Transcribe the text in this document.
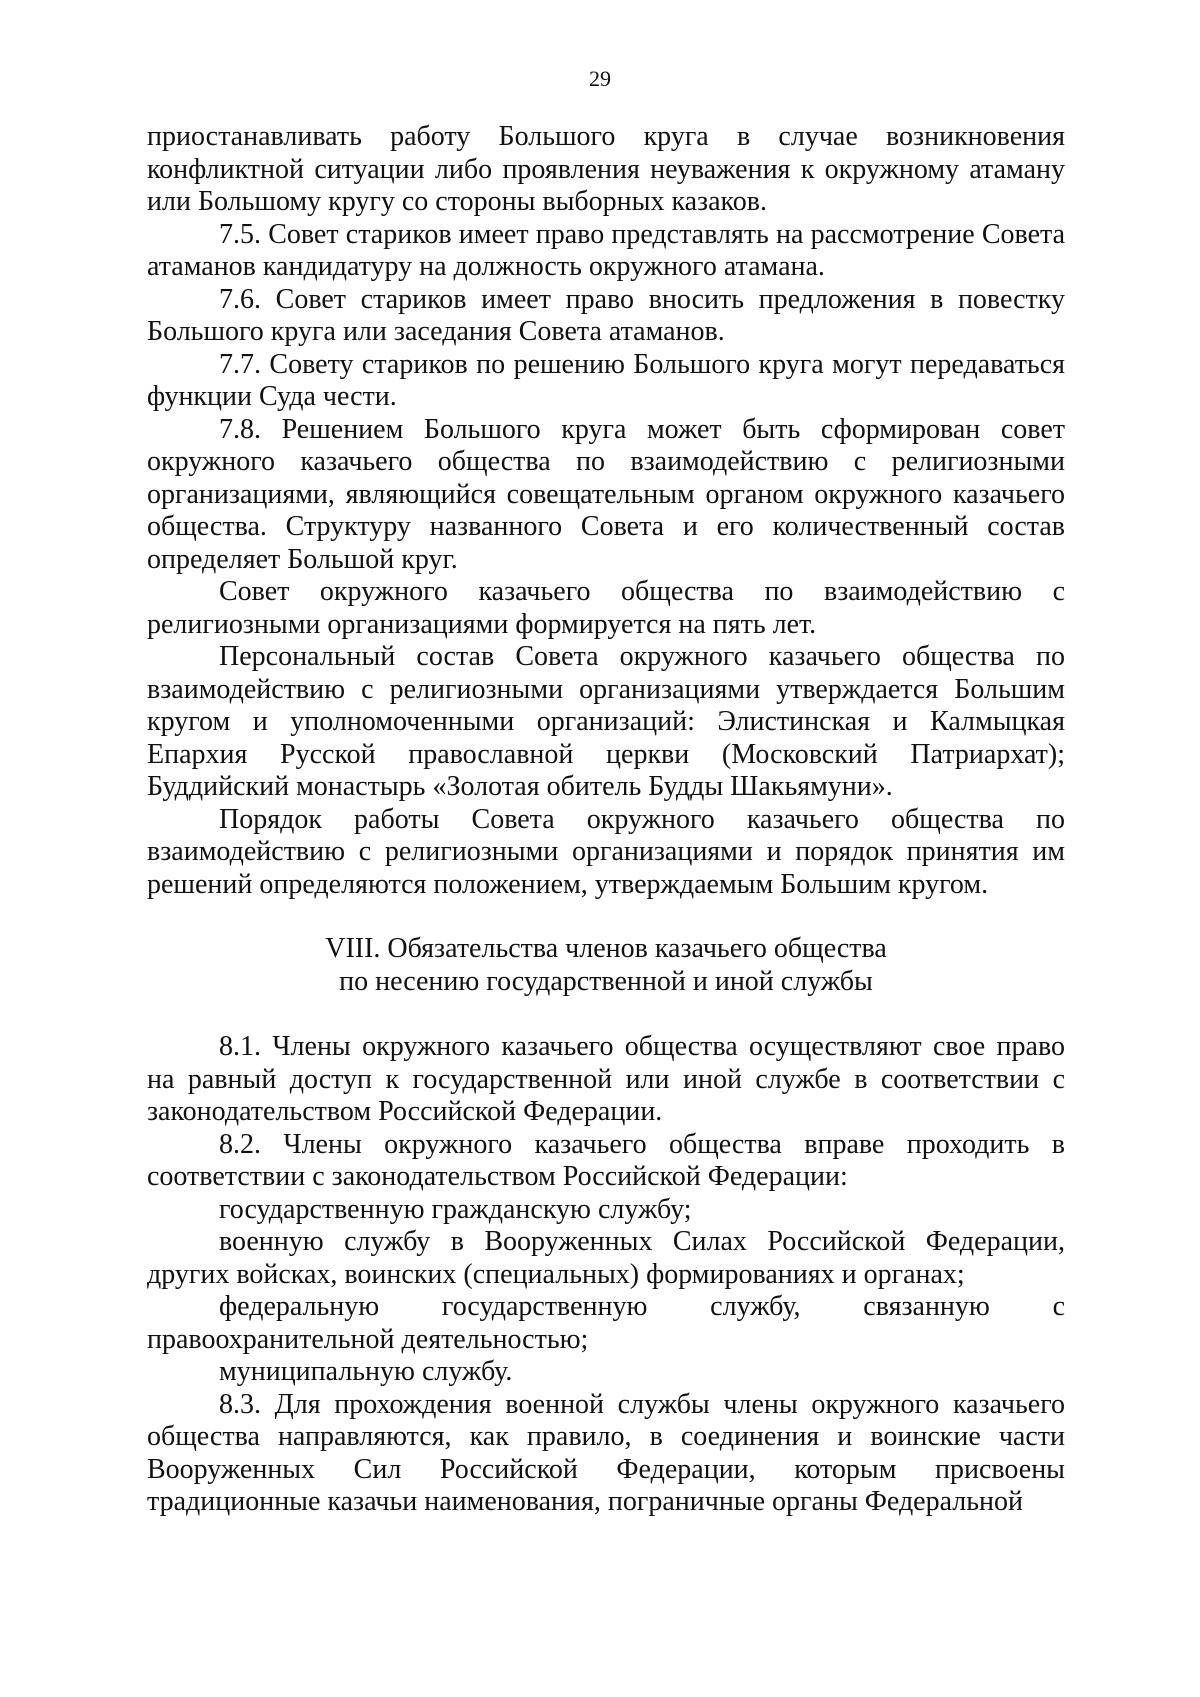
29

приостанавливать работу Большого круга в случае возникновения конфликтной ситуации либо проявления неуважения к окружному атаману или Большому кругу со стороны выборных казаков.

7.5. Совет стариков имеет право представлять на рассмотрение Совета атаманов кандидатуру на должность окружного атамана.

7.6. Совет стариков имеет право вносить предложения в повестку Большого круга или заседания Совета атаманов.

7.7. Совету стариков по решению Большого круга могут передаваться функции Суда чести.

7.8. Решением Большого круга может быть сформирован совет окружного казачьего общества по взаимодействию с религиозными организациями, являющийся совещательным органом окружного казачьего общества. Структуру названного Совета и его количественный состав определяет Большой круг.

Совет окружного казачьего общества по взаимодействию с религиозными организациями формируется на пять лет.

Персональный состав Совета окружного казачьего общества по взаимодействию с религиозными организациями утверждается Большим кругом и уполномоченными организаций: Элистинская и Калмыцкая Епархия Русской православной церкви (Московский Патриархат); Буддийский монастырь «Золотая обитель Будды Шакьямуни».

Порядок работы Совета окружного казачьего общества по взаимодействию с религиозными организациями и порядок принятия им решений определяются положением, утверждаемым Большим кругом.

VIII. Обязательства членов казачьего общества
по несению государственной и иной службы

8.1. Члены окружного казачьего общества осуществляют свое право на равный доступ к государственной или иной службе в соответствии с законодательством Российской Федерации.

8.2. Члены окружного казачьего общества вправе проходить в соответствии с законодательством Российской Федерации:

государственную гражданскую службу;

военную службу в Вооруженных Силах Российской Федерации, других войсках, воинских (специальных) формированиях и органах;

федеральную государственную службу, связанную с правоохранительной деятельностью;

муниципальную службу.

8.3. Для прохождения военной службы члены окружного казачьего общества направляются, как правило, в соединения и воинские части Вооруженных Сил Российской Федерации, которым присвоены традиционные казачьи наименования, пограничные органы Федеральной
